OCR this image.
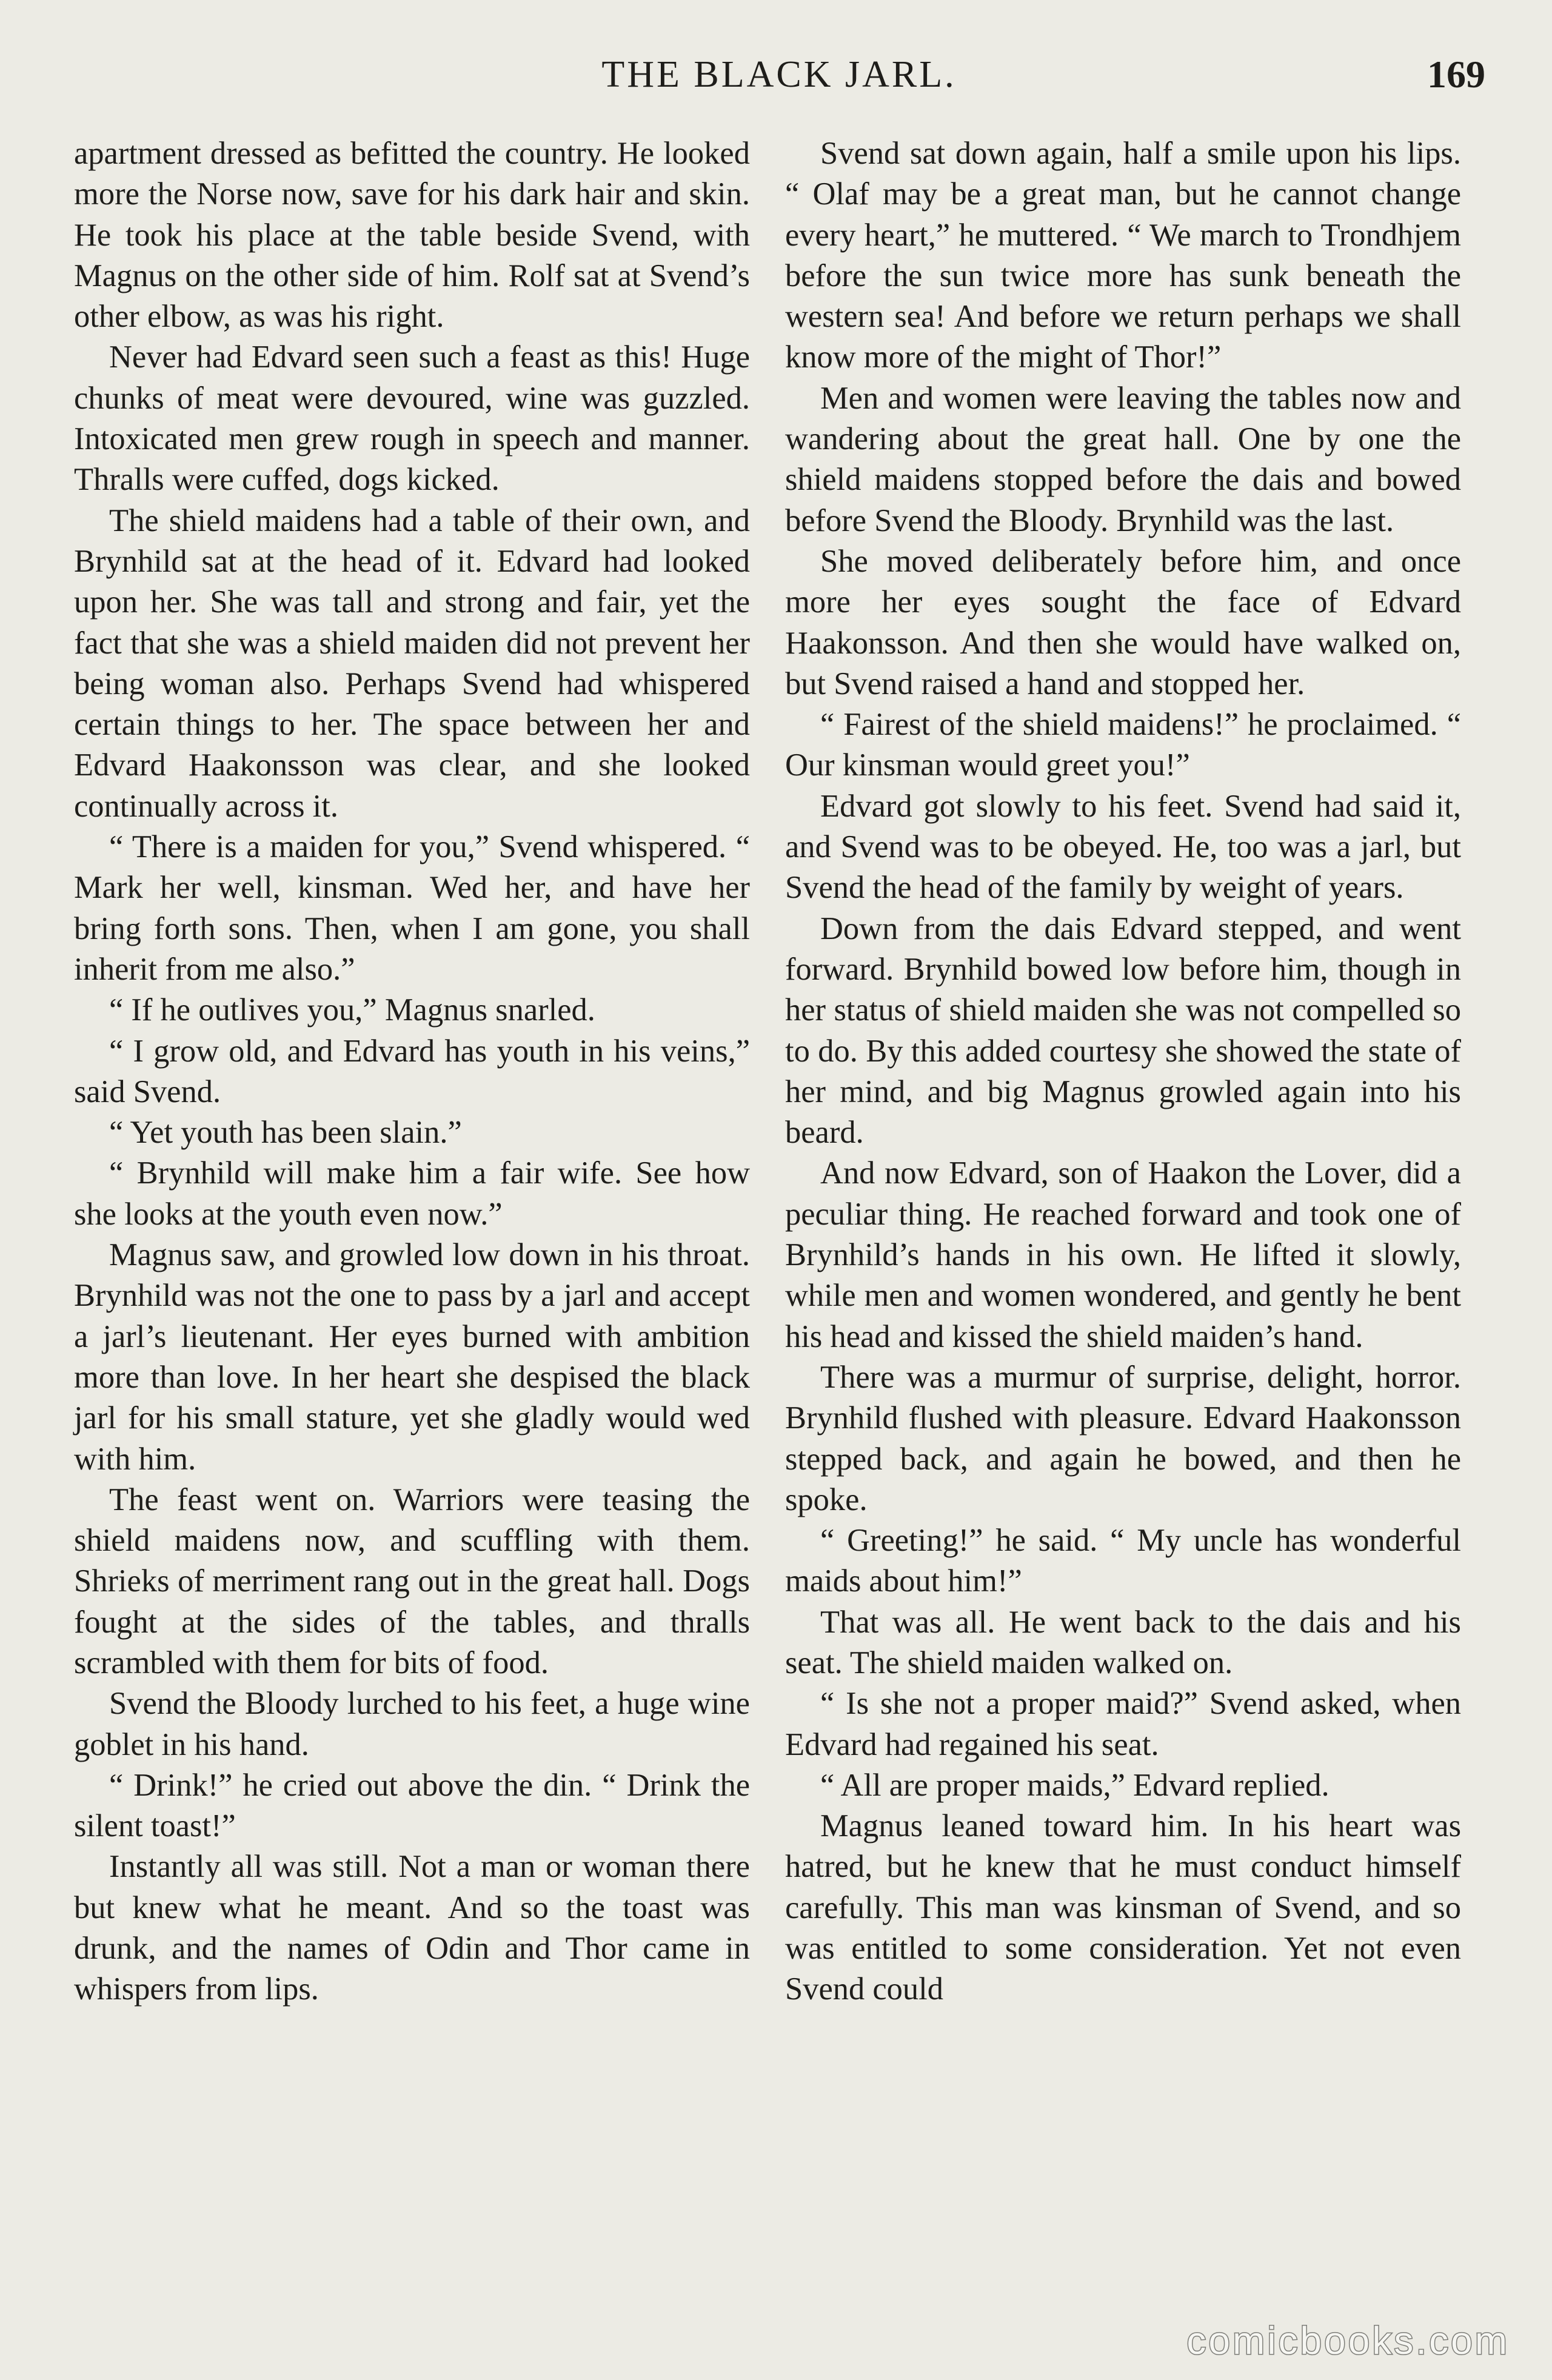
THE BLACK JARL.	169

apartment dressed as befitted the country. He looked more the Norse now, save for his dark hair and skin. He took his place at the table beside Svend, with Magnus on the other side of him. Rolf sat at Svend’s other elbow, as was his right.

Never had Edvard seen such a feast as this! Huge chunks of meat were devoured, wine was guzzled. Intoxicated men grew rough in speech and manner. Thralls were cuffed, dogs kicked.

The shield maidens had a table of their own, and Brynhild sat at the head of it. Edvard had looked upon her. She was tall and strong and fair, yet the fact that she was a shield maiden did not prevent her being woman also. Perhaps Svend had whispered certain things to her. The space between her and Edvard Haakonsson was clear, and she looked continually across it.

“ There is a maiden for you,” Svend whispered. “ Mark her well, kinsman. Wed her, and have her bring forth sons. Then, when I am gone, you shall inherit from me also.”

“ If he outlives you,” Magnus snarled.

“ I grow old, and Edvard has youth in his veins,” said Svend.

“ Yet youth has been slain.”

“ Brynhild will make him a fair wife. See how she looks at the youth even now.”

Magnus saw, and growled low down in his throat. Brynhild was not the one to pass by a jarl and accept a jarl’s lieutenant. Her eyes burned with ambition more than love. In her heart she despised the black jarl for his small stature, yet she gladly would wed with him.

The feast went on. Warriors were teasing the shield maidens now, and scuffling with them. Shrieks of merriment rang out in the great hall. Dogs fought at the sides of the tables, and thralls scrambled with them for bits of food.

Svend the Bloody lurched to his feet, a huge wine goblet in his hand.

“ Drink!” he cried out above the din. “ Drink the silent toast!”

Instantly all was still. Not a man or woman there but knew what he meant. And so the toast was drunk, and the names of Odin and Thor came in whispers from lips.

Svend sat down again, half a smile upon his lips. “ Olaf may be a great man, but he cannot change every heart,” he muttered. “ We march to Trondhjem before the sun twice more has sunk beneath the western sea! And before we return perhaps we shall know more of the might of Thor!”

Men and women were leaving the tables now and wandering about the great hall. One by one the shield maidens stopped before the dais and bowed before Svend the Bloody. Brynhild was the last.

She moved deliberately before him, and once more her eyes sought the face of Edvard Haakonsson. And then she would have walked on, but Svend raised a hand and stopped her.

“ Fairest of the shield maidens!” he proclaimed. “ Our kinsman would greet you!”

Edvard got slowly to his feet. Svend had said it, and Svend was to be obeyed. He, too was a jarl, but Svend the head of the family by weight of years.

Down from the dais Edvard stepped, and went forward. Brynhild bowed low before him, though in her status of shield maiden she was not compelled so to do. By this added courtesy she showed the state of her mind, and big Magnus growled again into his beard.

And now Edvard, son of Haakon the Lover, did a peculiar thing. He reached forward and took one of Brynhild’s hands in his own. He lifted it slowly, while men and women wondered, and gently he bent his head and kissed the shield maiden’s hand.

There was a murmur of surprise, delight, horror. Brynhild flushed with pleasure. Edvard Haakonsson stepped back, and again he bowed, and then he spoke.

“ Greeting!” he said. “ My uncle has wonderful maids about him!”

That was all. He went back to the dais and his seat. The shield maiden walked on.

“ Is she not a proper maid?” Svend asked, when Edvard had regained his seat.

“ All are proper maids,” Edvard replied.

Magnus leaned toward him. In his heart was hatred, but he knew that he must conduct himself carefully. This man was kinsman of Svend, and so was entitled to some consideration. Yet not even Svend could

comicbooks.com
